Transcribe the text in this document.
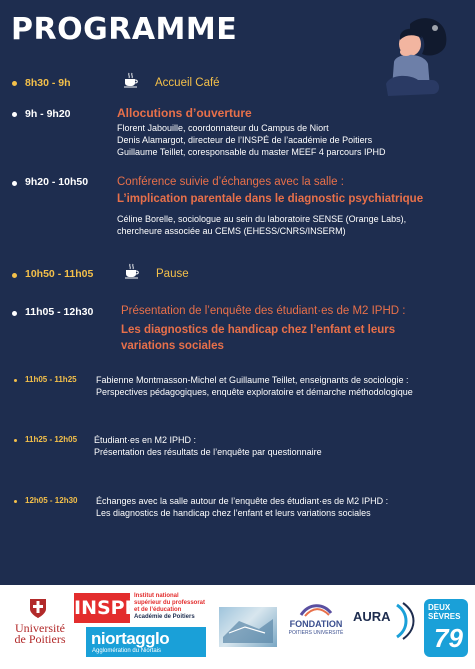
PROGRAMME
8h30 - 9h	Accueil Café
9h - 9h20	Allocutions d’ouverture
Florent Jabouille, coordonnateur du Campus de Niort
Denis Alamargot, directeur de l’INSPÉ de l’académie de Poitiers
Guillaume Teillet, coresponsable du master MEEF 4 parcours IPHD
9h20 - 10h50	Conférence suivie d’échanges avec la salle :
L’implication parentale dans le diagnostic psychiatrique
Céline Borelle, sociologue au sein du laboratoire SENSE (Orange Labs),
chercheure associée au CEMS (EHESS/CNRS/INSERM)
10h50 - 11h05	Pause
11h05 - 12h30 Présentation de l’enquête des étudiant·es de M2 IPHD :
Les diagnostics de handicap chez l’enfant et leurs
variations sociales
11h05 - 11h25 Fabienne Montmasson-Michel et Guillaume Teillet, enseignants de sociologie :
Perspectives pédagogiques, enquête exploratoire et démarche méthodologique
11h25 - 12h05 Étudiant·es en M2 IPHD :
Présentation des résultats de l’enquête par questionnaire
12h05 - 12h30 Échanges avec la salle autour de l’enquête des étudiant·es de M2 IPHD :
Les diagnostics de handicap chez l’enfant et leurs variations sociales
Université
de Poitiers
INSPÉ
Institut national
supérieur du professorat
et de l’éducation
Académie de Poitiers
niortagglo
Agglomération du Niortais
FONDATION
POITIERS UNIVERSITÉ
AURA
DEUX
SÈVRES
79
